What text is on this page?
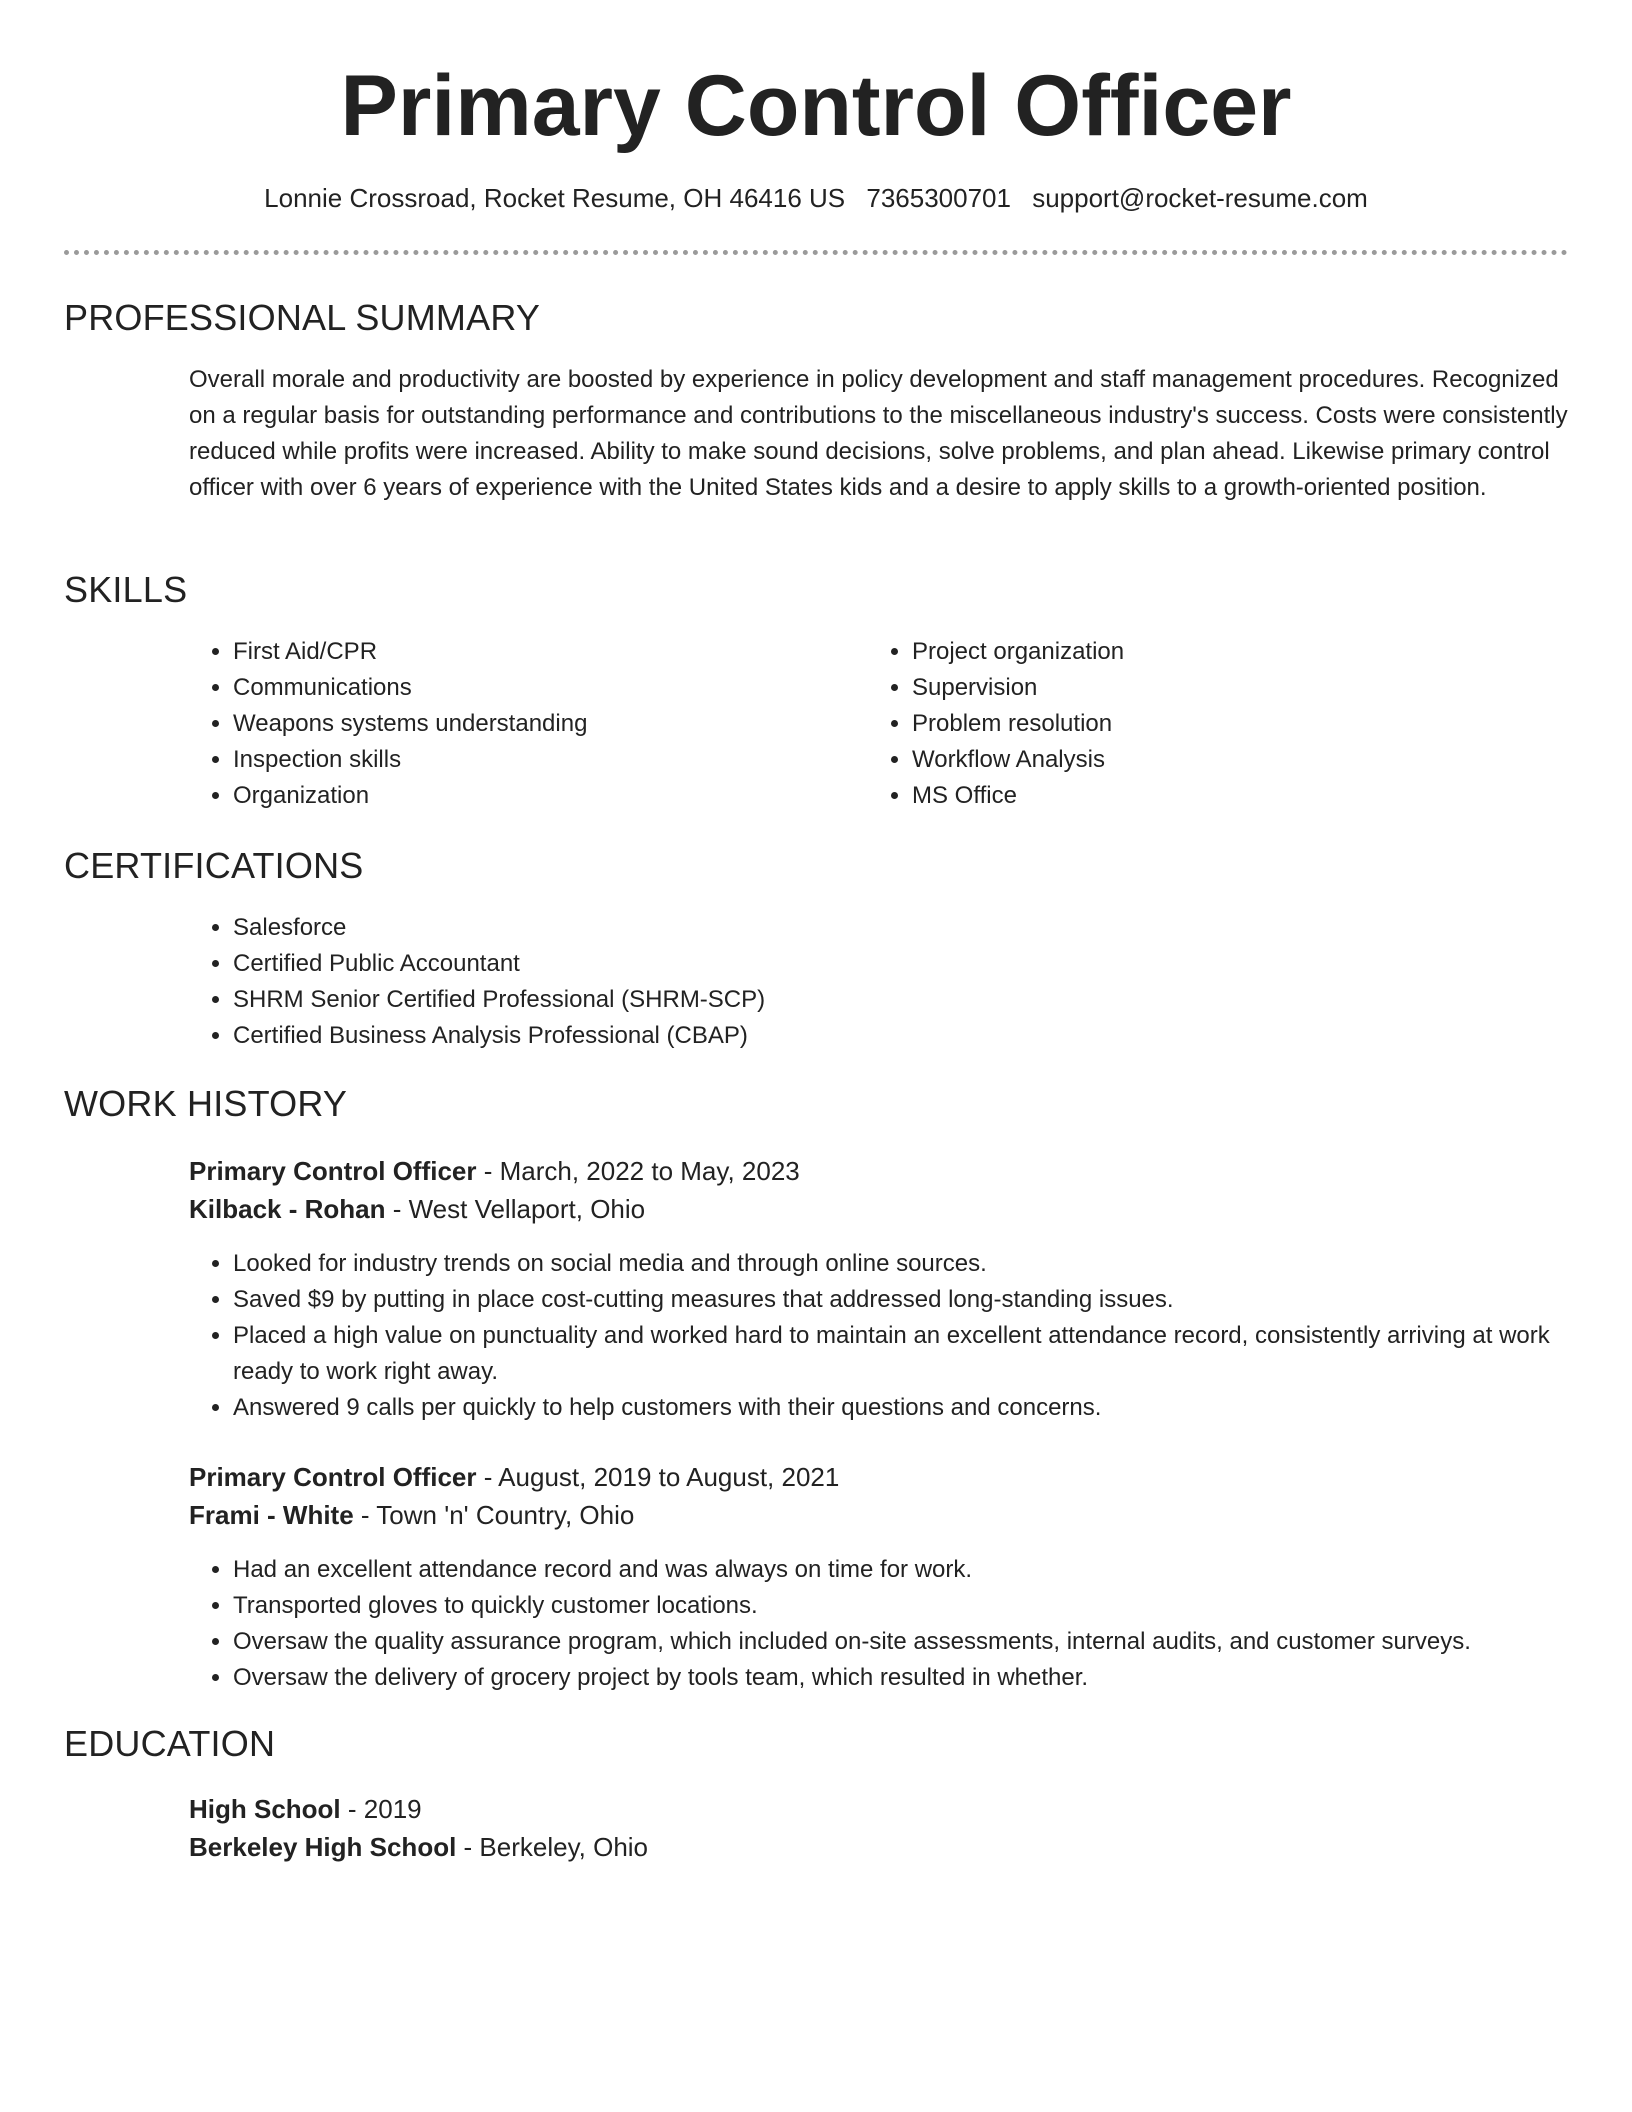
Primary Control Officer
Lonnie Crossroad, Rocket Resume, OH 46416 US 7365300701 support@rocket-resume.com
PROFESSIONAL SUMMARY

Overall morale and productivity are boosted by experience in policy development and staff management procedures. Recognized on a regular basis for outstanding performance and contributions to the miscellaneous industry's success. Costs were consistently reduced while profits were increased. Ability to make sound decisions, solve problems, and plan ahead. Likewise primary control officer with over 6 years of experience with the United States kids and a desire to apply skills to a growth-oriented position.

SKILLS
• First Aid/CPR
• Communications
• Weapons systems understanding
• Inspection skills
• Organization
• Project organization
• Supervision
• Problem resolution
• Workflow Analysis
• MS Office
CERTIFICATIONS
• Salesforce
• Certified Public Accountant
• SHRM Senior Certified Professional (SHRM-SCP)
• Certified Business Analysis Professional (CBAP)
WORK HISTORY
Primary Control Officer - March, 2022 to May, 2023
Kilback - Rohan - West Vellaport, Ohio
• Looked for industry trends on social media and through online sources.
• Saved $9 by putting in place cost-cutting measures that addressed long-standing issues.
• Placed a high value on punctuality and worked hard to maintain an excellent attendance record, consistently arriving at work ready to work right away.
• Answered 9 calls per quickly to help customers with their questions and concerns.
Primary Control Officer - August, 2019 to August, 2021
Frami - White - Town 'n' Country, Ohio
• Had an excellent attendance record and was always on time for work.
• Transported gloves to quickly customer locations.
• Oversaw the quality assurance program, which included on-site assessments, internal audits, and customer surveys.
• Oversaw the delivery of grocery project by tools team, which resulted in whether.
EDUCATION
High School - 2019
Berkeley High School - Berkeley, Ohio
